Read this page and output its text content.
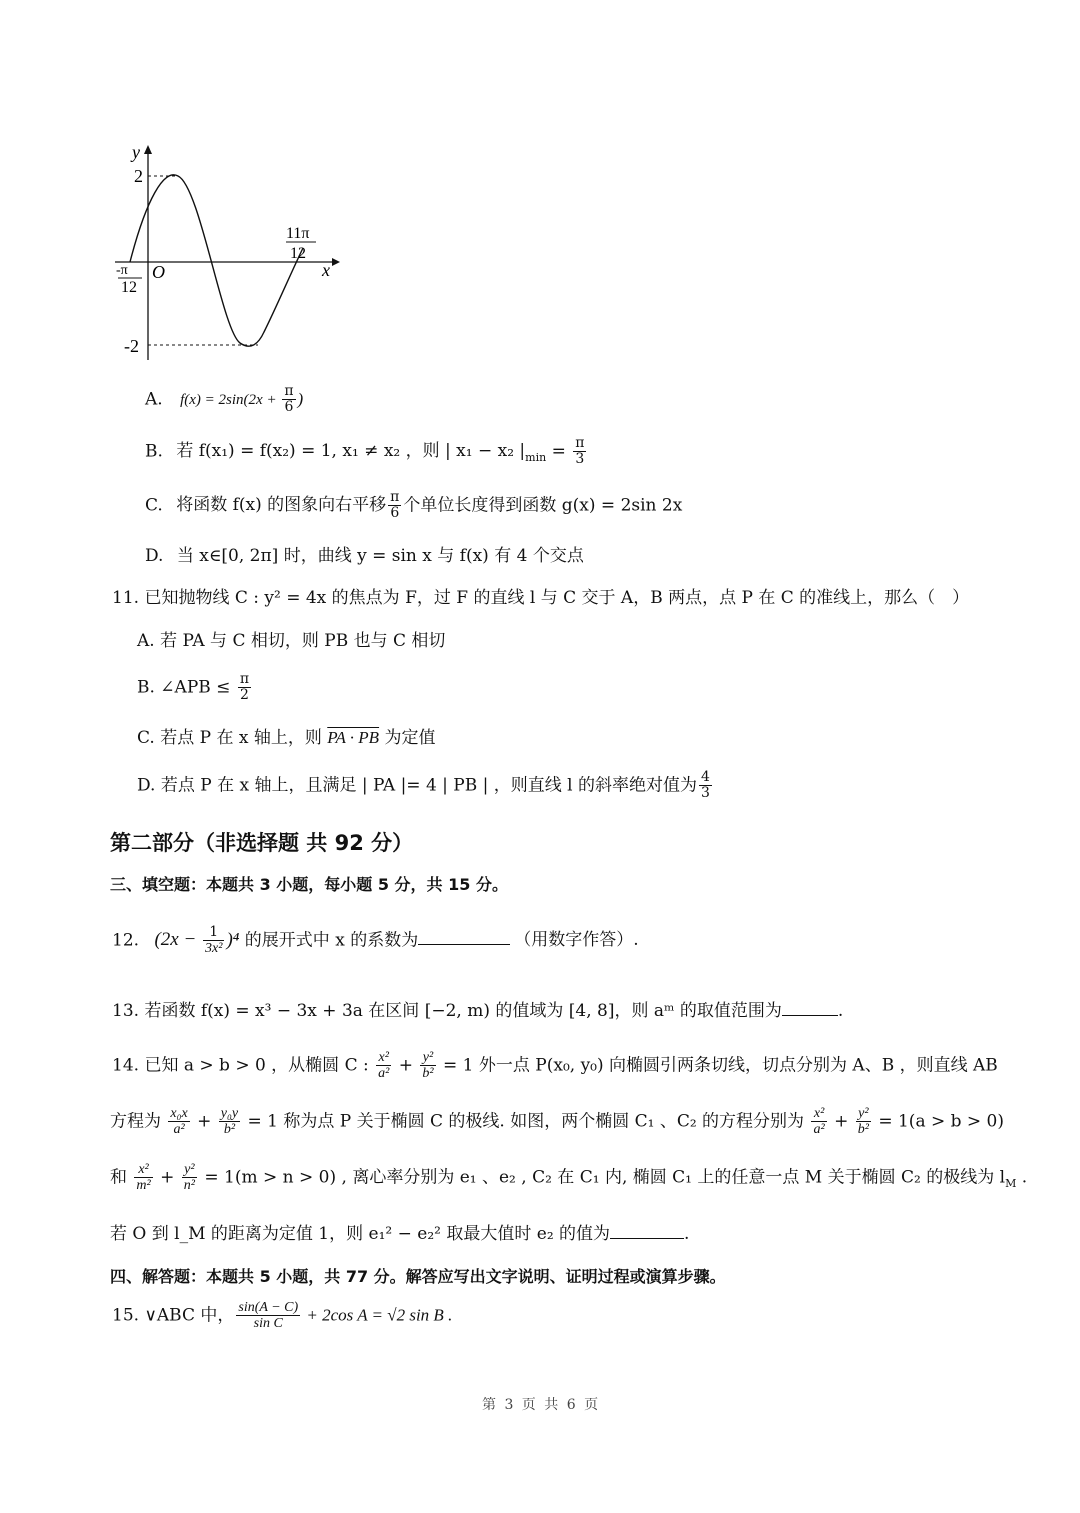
y
x
O
2
-2
-π
12
11π
12
A. $f(x) = 2\sin(2x + \frac{\pi}{6}$ )
B. 若 f(x₁) = f(x₂) = 1, x₁ ≠ x₂ ，则 | x₁ − x₂ $|_{min} = \frac{\pi}{3}$
C. 将函数 f(x) 的图象向右平移 $\frac{\pi}{6}$ 个单位长度得到函数 g(x) = 2sin 2x
D. 当 x∈[0, 2π] 时，曲线 y = sin x 与 f(x) 有 4 个交点
11. 已知抛物线 C : y² = 4x 的焦点为 F，过 F 的直线 l 与 C 交于 A，B 两点，点 P 在 C 的准线上，那么（　）
A. 若 PA 与 C 相切，则 PB 也与 C 相切
B. ∠APB ≤ $\frac{\pi}{2}$
C. 若点 P 在 x 轴上，则 PA · PB 为定值
D. 若点 P 在 x 轴上，且满足 | PA |= 4 | PB | ，则直线 l 的斜率绝对值为 $\frac{4}{3}$
第二部分（非选择题 共 92 分）
三、填空题：本题共 3 小题，每小题 5 分，共 15 分。
12. $(2x - \frac{1}{\text{3x²}} )^4$ 的展开式中 x 的系数为	（用数字作答）.
13. 若函数 f(x) = x³ − 3x + 3a 在区间 [−2, m) 的值域为 [4, 8]，则 aᵐ 的取值范围为	.
14. 已知 a > b > 0 ，从椭圆 C : $\frac{\text{x²}}{\text{a²}} + \frac{\text{y²}}{\text{b²}} = 1$ 外一点 P(x₀, y₀) 向椭圆引两条切线，切点分别为 A、B ，则直线 AB
方程为 $\frac{\text{x₀x}}{\text{a²}} + \frac{\text{y₀y}}{\text{b²}} = 1$ 称为点 P 关于椭圆 C 的极线. 如图，两个椭圆 C₁ 、C₂ 的方程分别为 $\frac{\text{x²}}{\text{a²}} + \frac{\text{y²}}{\text{b²}} = 1(a > b > 0)$
和 $\frac{\text{x²}}{\text{m²}} + \frac{\text{y²}}{\text{n²}} = 1(m > n > 0)$ , 离心率分别为 e₁ 、e₂ , C₂ 在 C₁ 内, 椭圆 C₁ 上的任意一点 M 关于椭圆 C₂ 的极线为 $l_M$ .
若 O 到 l_M 的距离为定值 1，则 e₁² − e₂² 取最大值时 e₂ 的值为	.
四、解答题：本题共 5 小题，共 77 分。解答应写出文字说明、证明过程或演算步骤。
15. ∨ABC 中， $\frac{\sin(A - C)}{\text{sin C}} + 2\cos$ A = √2 sin B .
第 3 页 共 6 页
